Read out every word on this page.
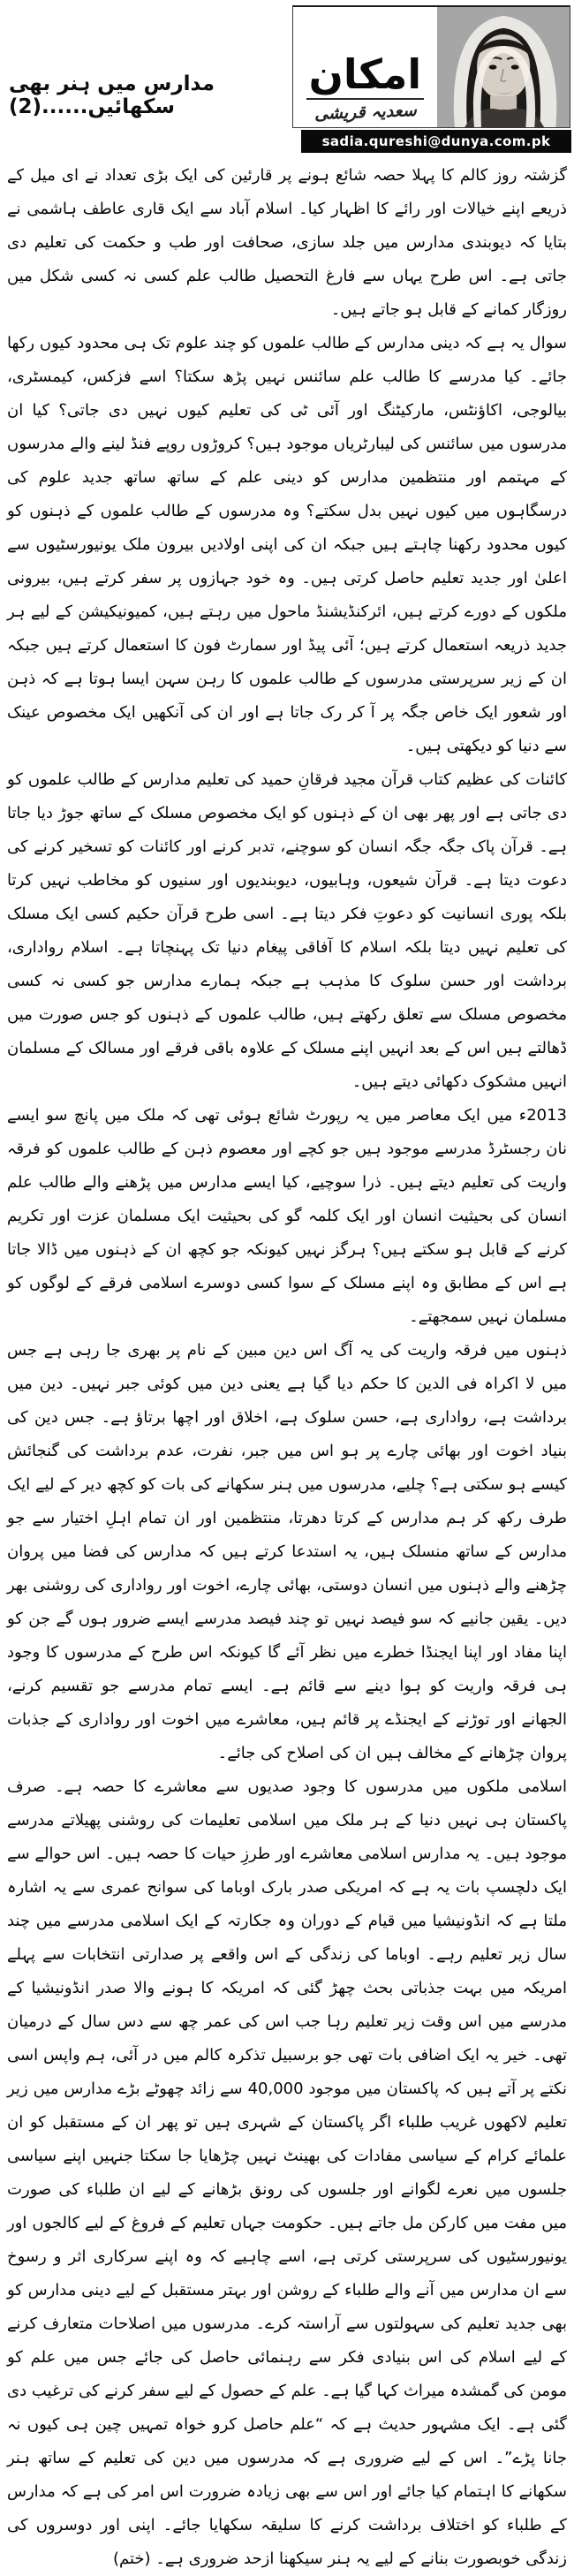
مدارس میں ہنر بھی سکھائیں......(2)
امکان
سعدیہ قریشی
sadia.qureshi@dunya.com.pk

گزشتہ روز کالم کا پہلا حصہ شائع ہونے پر قارئین کی ایک بڑی تعداد نے ای میل کے ذریعے اپنے خیالات اور رائے کا اظہار کیا۔ اسلام آباد سے ایک قاری عاطف ہاشمی نے بتایا کہ دیوبندی مدارس میں جلد سازی، صحافت اور طب و حکمت کی تعلیم دی جاتی ہے۔ اس طرح یہاں سے فارغ التحصیل طالب علم کسی نہ کسی شکل میں روزگار کمانے کے قابل ہو جاتے ہیں۔

سوال یہ ہے کہ دینی مدارس کے طالب علموں کو چند علوم تک ہی محدود کیوں رکھا جائے۔ کیا مدرسے کا طالب علم سائنس نہیں پڑھ سکتا؟ اسے فزکس، کیمسٹری، بیالوجی، اکاؤنٹس، مارکیٹنگ اور آئی ٹی کی تعلیم کیوں نہیں دی جاتی؟ کیا ان مدرسوں میں سائنس کی لیبارٹریاں موجود ہیں؟ کروڑوں روپے فنڈ لینے والے مدرسوں کے مہتمم اور منتظمین مدارس کو دینی علم کے ساتھ ساتھ جدید علوم کی درسگاہوں میں کیوں نہیں بدل سکتے؟ وہ مدرسوں کے طالب علموں کے ذہنوں کو کیوں محدود رکھنا چاہتے ہیں جبکہ ان کی اپنی اولادیں بیرون ملک یونیورسٹیوں سے اعلیٰ اور جدید تعلیم حاصل کرتی ہیں۔ وہ خود جہازوں پر سفر کرتے ہیں، بیرونی ملکوں کے دورے کرتے ہیں، ائرکنڈیشنڈ ماحول میں رہتے ہیں، کمیونیکیشن کے لیے ہر جدید ذریعہ استعمال کرتے ہیں؛ آئی پیڈ اور سمارٹ فون کا استعمال کرتے ہیں جبکہ ان کے زیر سرپرستی مدرسوں کے طالب علموں کا رہن سہن ایسا ہوتا ہے کہ ذہن اور شعور ایک خاص جگہ پر آ کر رک جاتا ہے اور ان کی آنکھیں ایک مخصوص عینک سے دنیا کو دیکھتی ہیں۔

کائنات کی عظیم کتاب قرآن مجید فرقانِ حمید کی تعلیم مدارس کے طالب علموں کو دی جاتی ہے اور پھر بھی ان کے ذہنوں کو ایک مخصوص مسلک کے ساتھ جوڑ دیا جاتا ہے۔ قرآن پاک جگہ جگہ انسان کو سوچنے، تدبر کرنے اور کائنات کو تسخیر کرنے کی دعوت دیتا ہے۔ قرآن شیعوں، وہابیوں، دیوبندیوں اور سنیوں کو مخاطب نہیں کرتا بلکہ پوری انسانیت کو دعوتِ فکر دیتا ہے۔ اسی طرح قرآن حکیم کسی ایک مسلک کی تعلیم نہیں دیتا بلکہ اسلام کا آفاقی پیغام دنیا تک پہنچاتا ہے۔ اسلام رواداری، برداشت اور حسن سلوک کا مذہب ہے جبکہ ہمارے مدارس جو کسی نہ کسی مخصوص مسلک سے تعلق رکھتے ہیں، طالب علموں کے ذہنوں کو جس صورت میں ڈھالتے ہیں اس کے بعد انہیں اپنے مسلک کے علاوہ باقی فرقے اور مسالک کے مسلمان انہیں مشکوک دکھائی دیتے ہیں۔

2013ء میں ایک معاصر میں یہ رپورٹ شائع ہوئی تھی کہ ملک میں پانچ سو ایسے نان رجسٹرڈ مدرسے موجود ہیں جو کچے اور معصوم ذہن کے طالب علموں کو فرقہ واریت کی تعلیم دیتے ہیں۔ ذرا سوچیے، کیا ایسے مدارس میں پڑھنے والے طالب علم انسان کی بحیثیت انسان اور ایک کلمہ گو کی بحیثیت ایک مسلمان عزت اور تکریم کرنے کے قابل ہو سکتے ہیں؟ ہرگز نہیں کیونکہ جو کچھ ان کے ذہنوں میں ڈالا جاتا ہے اس کے مطابق وہ اپنے مسلک کے سوا کسی دوسرے اسلامی فرقے کے لوگوں کو مسلمان نہیں سمجھتے۔

ذہنوں میں فرقہ واریت کی یہ آگ اس دین مبین کے نام پر بھری جا رہی ہے جس میں لا اکراہ فی الدین کا حکم دیا گیا ہے یعنی دین میں کوئی جبر نہیں۔ دین میں برداشت ہے، رواداری ہے، حسن سلوک ہے، اخلاق اور اچھا برتاؤ ہے۔ جس دین کی بنیاد اخوت اور بھائی چارے پر ہو اس میں جبر، نفرت، عدم برداشت کی گنجائش کیسے ہو سکتی ہے؟ چلیے، مدرسوں میں ہنر سکھانے کی بات کو کچھ دیر کے لیے ایک طرف رکھ کر ہم مدارس کے کرتا دھرتا، منتظمین اور ان تمام اہلِ اختیار سے جو مدارس کے ساتھ منسلک ہیں، یہ استدعا کرتے ہیں کہ مدارس کی فضا میں پروان چڑھنے والے ذہنوں میں انسان دوستی، بھائی چارے، اخوت اور رواداری کی روشنی بھر دیں۔ یقین جانیے کہ سو فیصد نہیں تو چند فیصد مدرسے ایسے ضرور ہوں گے جن کو اپنا مفاد اور اپنا ایجنڈا خطرے میں نظر آئے گا کیونکہ اس طرح کے مدرسوں کا وجود ہی فرقہ واریت کو ہوا دینے سے قائم ہے۔ ایسے تمام مدرسے جو تقسیم کرنے، الجھانے اور توڑنے کے ایجنڈے پر قائم ہیں، معاشرے میں اخوت اور رواداری کے جذبات پروان چڑھانے کے مخالف ہیں ان کی اصلاح کی جائے۔

اسلامی ملکوں میں مدرسوں کا وجود صدیوں سے معاشرے کا حصہ ہے۔ صرف پاکستان ہی نہیں دنیا کے ہر ملک میں اسلامی تعلیمات کی روشنی پھیلاتے مدرسے موجود ہیں۔ یہ مدارس اسلامی معاشرے اور طرزِ حیات کا حصہ ہیں۔ اس حوالے سے ایک دلچسپ بات یہ ہے کہ امریکی صدر بارک اوباما کی سوانح عمری سے یہ اشارہ ملتا ہے کہ انڈونیشیا میں قیام کے دوران وہ جکارتہ کے ایک اسلامی مدرسے میں چند سال زیر تعلیم رہے۔ اوباما کی زندگی کے اس واقعے پر صدارتی انتخابات سے پہلے امریکہ میں بہت جذباتی بحث چھڑ گئی کہ امریکہ کا ہونے والا صدر انڈونیشیا کے مدرسے میں اس وقت زیر تعلیم رہا جب اس کی عمر چھ سے دس سال کے درمیان تھی۔ خیر یہ ایک اضافی بات تھی جو برسبیل تذکرہ کالم میں در آئی، ہم واپس اسی نکتے پر آتے ہیں کہ پاکستان میں موجود 40,000 سے زائد چھوٹے بڑے مدارس میں زیر تعلیم لاکھوں غریب طلباء اگر پاکستان کے شہری ہیں تو پھر ان کے مستقبل کو ان علمائے کرام کے سیاسی مفادات کی بھینٹ نہیں چڑھایا جا سکتا جنہیں اپنے سیاسی جلسوں میں نعرے لگوانے اور جلسوں کی رونق بڑھانے کے لیے ان طلباء کی صورت میں مفت میں کارکن مل جاتے ہیں۔ حکومت جہاں تعلیم کے فروغ کے لیے کالجوں اور یونیورسٹیوں کی سرپرستی کرتی ہے، اسے چاہیے کہ وہ اپنے سرکاری اثر و رسوخ سے ان مدارس میں آنے والے طلباء کے روشن اور بہتر مستقبل کے لیے دینی مدارس کو بھی جدید تعلیم کی سہولتوں سے آراستہ کرے۔ مدرسوں میں اصلاحات متعارف کرنے کے لیے اسلام کی اس بنیادی فکر سے رہنمائی حاصل کی جائے جس میں علم کو مومن کی گمشدہ میراث کہا گیا ہے۔ علم کے حصول کے لیے سفر کرنے کی ترغیب دی گئی ہے۔ ایک مشہور حدیث ہے کہ “علم حاصل کرو خواہ تمہیں چین ہی کیوں نہ جانا پڑے”۔ اس کے لیے ضروری ہے کہ مدرسوں میں دین کی تعلیم کے ساتھ ہنر سکھانے کا اہتمام کیا جائے اور اس سے بھی زیادہ ضرورت اس امر کی ہے کہ مدارس کے طلباء کو اختلاف برداشت کرنے کا سلیقہ سکھایا جائے۔ اپنی اور دوسروں کی زندگی خوبصورت بنانے کے لیے یہ ہنر سیکھنا ازحد ضروری ہے۔ (ختم)
